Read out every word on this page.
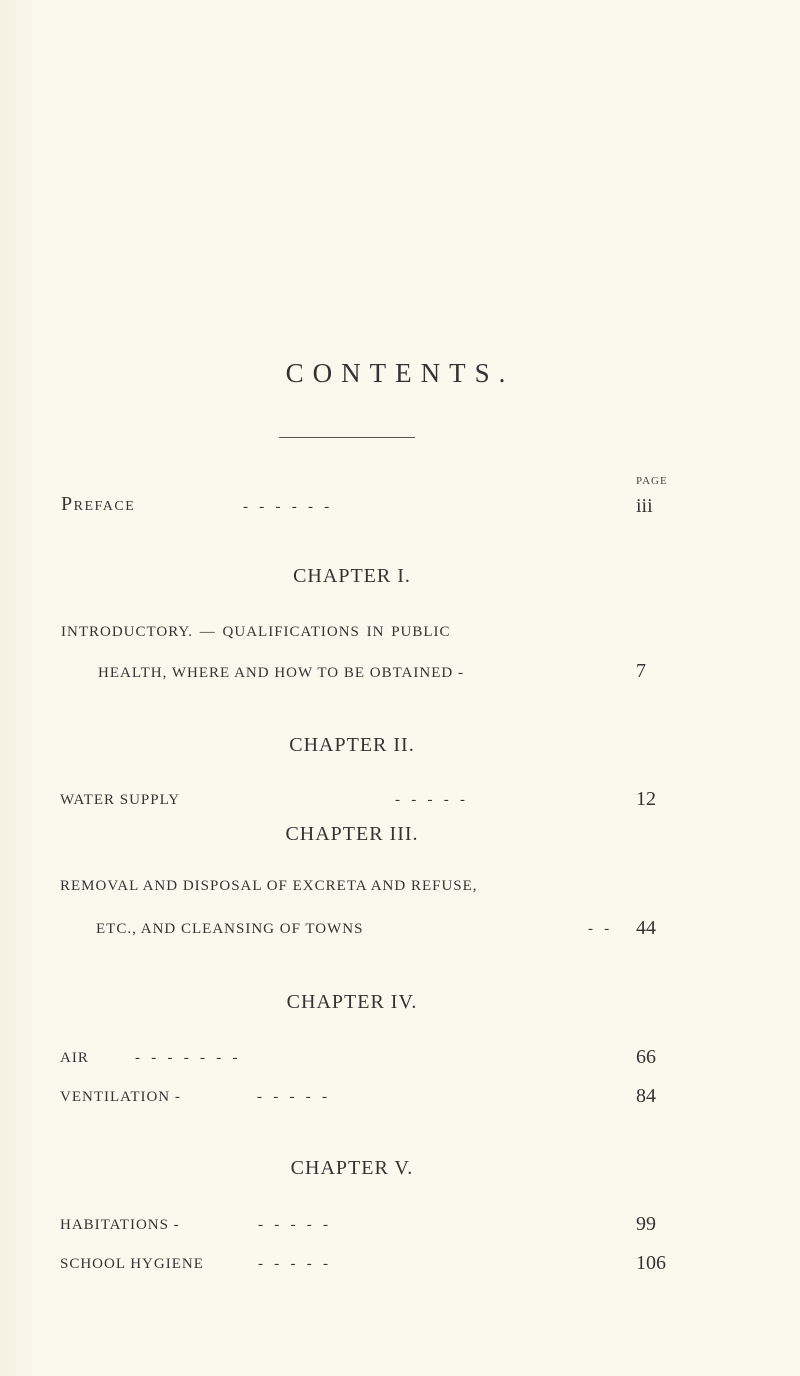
CONTENTS.
PAGE
Preface	-   -   -   -   -   -	iii
CHAPTER I.
INTRODUCTORY. — QUALIFICATIONS IN PUBLIC
HEALTH, WHERE AND HOW TO BE OBTAINED -	7
CHAPTER II.
WATER SUPPLY	-   -   -   -   -	12
CHAPTER III.
REMOVAL AND DISPOSAL OF EXCRETA AND REFUSE,
ETC., AND CLEANSING OF TOWNS	-   - 44
CHAPTER IV.
AIR	-   -   -   -   -   -   -	66
VENTILATION -	-   -   -   -   -	84
CHAPTER V.
HABITATIONS -	-   -   -   -   -	99
SCHOOL HYGIENE	-   -   -   -   -	106
